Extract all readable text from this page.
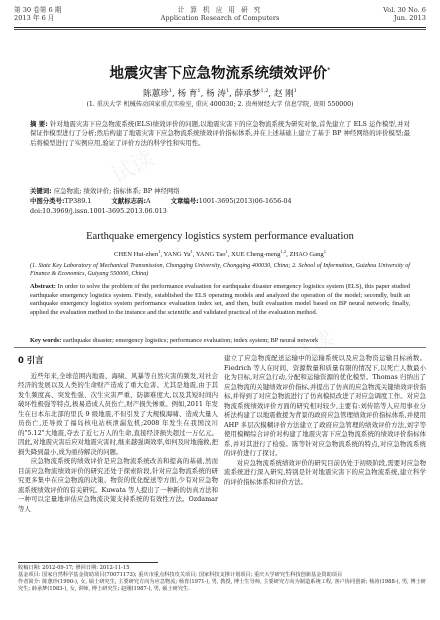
试读
试读
试读
第 30 卷第 6 期
2013 年 6 月
计 算 机 应 用 研 究
Application Research of Computers
Vol. 30 No. 6
Jun. 2013
地震灾害下应急物流系统绩效评价*
陈蕙珍$^1$, 杨 育$^1$, 杨 涛$^1$, 薛承梦$^{1,2}$, 赵 刚$^1$
(1. 重庆大学 机械传动国家重点实验室, 重庆 400030; 2. 贵州财经大学 信息学院, 贵阳 550000)
摘 要: 针对地震灾害下应急物流系统(ELS)绩效评价的问题,以地震灾害下的应急物流系统为研究对象,首先建立了 ELS 运作模型,并对保证作模型进行了分析;然后构建了地震灾害下应急物流系统绩效评价指标体系,并在上述基础上建立了基于 BP 神经网络的评价模型;最后将模型进行了实例应用,验证了评价方法的科学性和实用性。
关键词: 应急物流; 绩效评价; 指标体系; BP 神经网络
中图分类号:TP389.1	文献标志码:A	文章编号:1001-3695(2013)06-1656-04
doi:10.3969/j.issn.1001-3695.2013.06.013
Earthquake emergency logistics system performance evaluation
CHEN Hui-zhen$^1$, YANG Yu$^1$, YANG Tao$^1$, XUE Cheng-meng$^{1,2}$, ZHAO Gang$^1$
(1. State Key Laboratory of Mechanical Transmission, Chongqing University, Chongqing 400030, China; 2. School of Information, Guizhou University of Finance & Economics, Guiyang 550000, China)
Abstract: In order to solve the problem of the performance evaluation for earthquake disaster emergency logistics system (ELS), this paper studied earthquake emergency logistics system. Firstly, established the ELS operating models and analyzed the operation of the model; secondly, built an earthquake emergency logistics system performance evaluation index set, and then, built evaluation model based on BP neural network; finally, applied the evaluation method to the instance and the scientific and validated practical of the evaluation method.
Key words: earthquake disaster; emergency logistics; performance evaluation; index system; BP neural network
0 引言

近些年来,全球范围内地震、海啸、风暴等自然灾害的频发,对社会经济的发展以及人类的生命财产造成了重大危害。尤其是地震,由于其发生频度高、突发性强、次生灾害严重、防御难度大,以及其短时间内破坏性极强等特点,极易造成人员伤亡,财产损失惨重。例如,2011 年发生在日本东北部的里氏 9 级地震,不但引发了大规模海啸、造成大量人员伤亡,还导致了福岛核电站核泄漏危机;2008 年发生在我国汶川的"5.12"大地震,夺去了近七万人的生命,直接经济损失超过一万亿元。因此,对地震灾害后应对地震灾害时,继来越强调效率,如何及时地施救,把损失降到最小,成为亟待解决的问题。

应急物流系统的绩效评价是应急物流系统改善和提高的基础,然而目前应急物流绩效评价的研究还处于探索阶段,针对应急物流系统的研究更多集中在应急物流的决策、物资的优化配送等方面,少有对应急物流系统绩效评价的有关研究。Kuwata 等人提出了一种新的仿真方法和一种可以定量地评估应急物流决策支持系统的有效性方法。Ozdamar 等人

建立了应急物流配送运输中的运输系统以及应急物资运输目标函数。Fiedrich 等人在时间、资源数量和质量有限的情况下,以死亡人数最小化为目标,对应急行动,分配和运输资源的优化模型。Thomas 归纳出了应急物流的关键绩效评价指标,并提出了仿真的应急物流关键绩效评价指标,并得到了对应急物流进行了仿真模拟改进了对应急调度工作。对应急物流系统绩效评价方面的研究相对较少,主要有:刘传铭等人应用事业分析法构建了以地震救援为背景的政府应急管理绩效评价指标体系,并使用 AHP 多层次模糊评价方法建立了政府应急管理的绩效评价方法,刘宇等使用模糊综合评价对构建了地震灾害下应急物流系统的绩效评价指标体系,并对其进行了检验。陈等针对应急物流系统的特点,对应急物流系统的评价进行了探讨。

对应急物流系统绩效评价的研究目前仍处于初级阶段,需要对应急物流系统进行深入研究,特别是针对地震灾害下的应急物流系统,建立科学的评价指标体系和评价方法。

收稿日期: 2012-09-17; 修回日期: 2012-11-15
基金项目: 国家自然科学基金资助项目(70071173); 重庆市重点科技攻关项目; 国家科技支撑计划项目; 重庆大学研究生科技创新基金资助项目
作者简介: 陈蕙珍(1990-), 女, 硕士研究生, 主要研究方向为应急物流; 杨育(1971-), 男, 教授, 博士生导师, 主要研究方向为制造系统工程, 客户协同创新; 杨涛(1988-), 男, 博士研究生; 薛承梦(1983-), 女, 讲师, 博士研究生; 赵刚(1987-), 男, 硕士研究生.
